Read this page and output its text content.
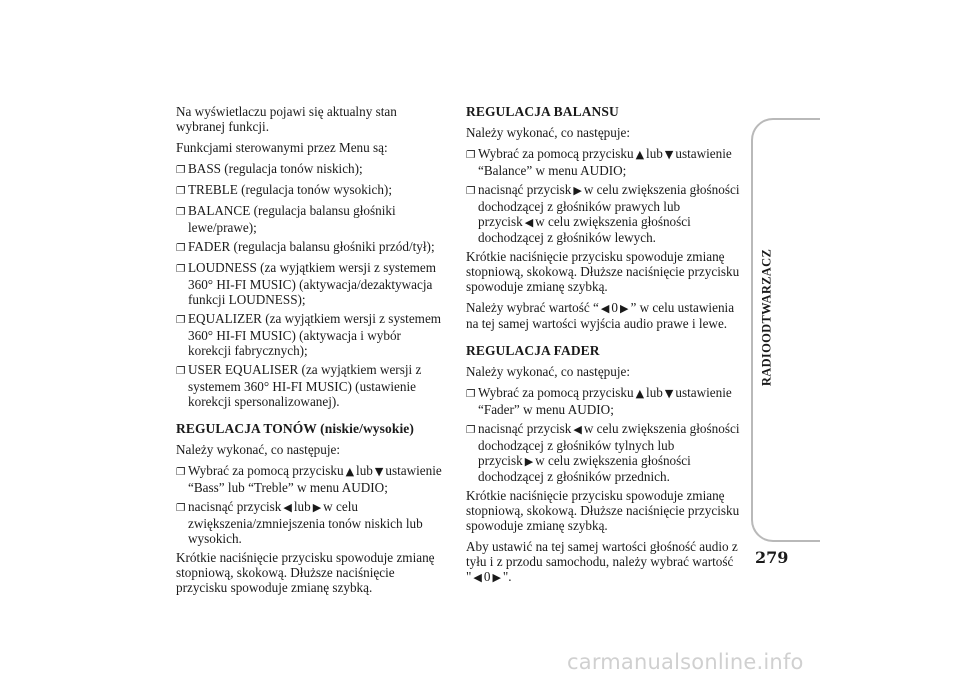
Na wyświetlaczu pojawi się aktualny stan wybranej funkcji.

Funkcjami sterowanymi przez Menu są:

❐ BASS (regulacja tonów niskich);
❐ TREBLE (regulacja tonów wysokich);
❐ BALANCE (regulacja balansu głośniki lewe/prawe);
❐ FADER (regulacja balansu głośniki przód/tył);
❐ LOUDNESS (za wyjątkiem wersji z systemem 360° HI-FI MUSIC) (aktywacja/dezaktywacja funkcji LOUDNESS);
❐ EQUALIZER (za wyjątkiem wersji z systemem 360° HI-FI MUSIC) (aktywacja i wybór korekcji fabrycznych);
❐ USER EQUALISER (za wyjątkiem wersji z systemem 360° HI-FI MUSIC) (ustawienie korekcji spersonalizowanej).
REGULACJA TONÓW (niskie/wysokie)

Należy wykonać, co następuje:

❐ Wybrać za pomocą przycisku ▲ lub ▼ ustawienie “Bass” lub “Treble” w menu AUDIO;
❐ nacisnąć przycisk ◀ lub ▶ w celu zwiększenia/zmniejszenia tonów niskich lub wysokich.

Krótkie naciśnięcie przycisku spowoduje zmianę stopniową, skokową. Dłuższe naciśnięcie przycisku spowoduje zmianę szybką.

REGULACJA BALANSU

Należy wykonać, co następuje:

❐ Wybrać za pomocą przycisku ▲ lub ▼ ustawienie “Balance” w menu AUDIO;
❐ nacisnąć przycisk ▶ w celu zwiększenia głośności dochodzącej z głośników prawych lub przycisk ◀ w celu zwiększenia głośności dochodzącej z głośników lewych.

Krótkie naciśnięcie przycisku spowoduje zmianę stopniową, skokową. Dłuższe naciśnięcie przycisku spowoduje zmianę szybką.

Należy wybrać wartość “ ◀ 0 ▶ ” w celu ustawienia na tej samej wartości wyjścia audio prawe i lewe.

REGULACJA FADER

Należy wykonać, co następuje:

❐ Wybrać za pomocą przycisku ▲ lub ▼ ustawienie “Fader” w menu AUDIO;
❐ nacisnąć przycisk ◀ w celu zwiększenia głośności dochodzącej z głośników tylnych lub przycisk ▶ w celu zwiększenia głośności dochodzącej z głośników przednich.

Krótkie naciśnięcie przycisku spowoduje zmianę stopniową, skokową. Dłuższe naciśnięcie przycisku spowoduje zmianę szybką.

Aby ustawić na tej samej wartości głośność audio z tyłu i z przodu samochodu, należy wybrać wartość " ◀ 0 ▶ ".

RADIOODTWARZACZ
279
carmanualsonline.info
